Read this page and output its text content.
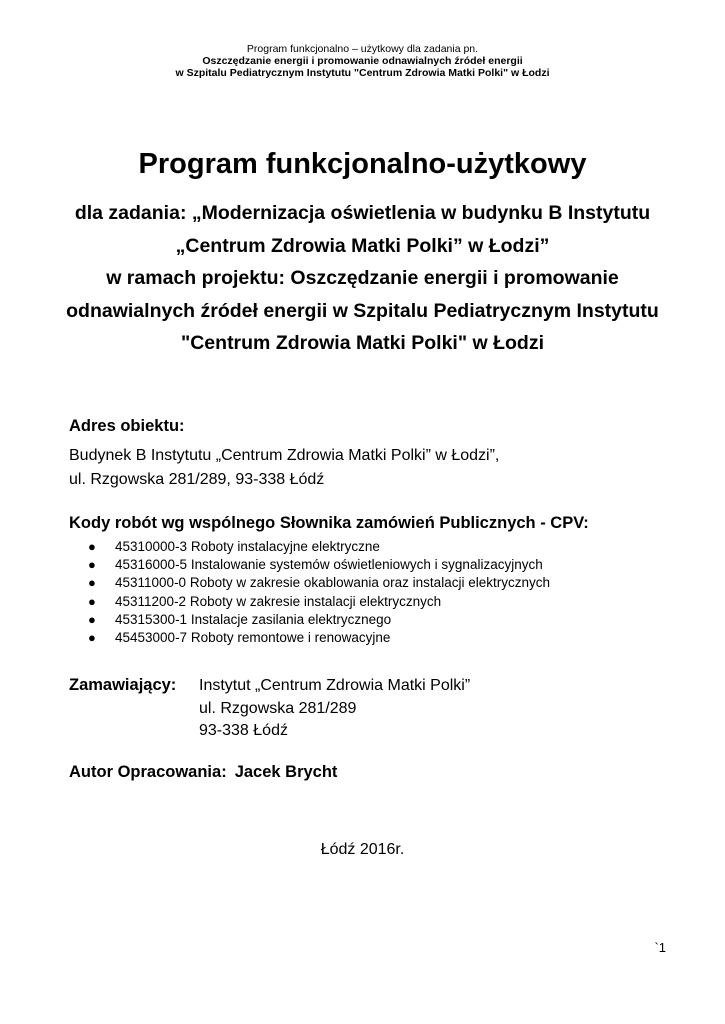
Program funkcjonalno – użytkowy dla zadania pn.
Oszczędzanie energii i promowanie odnawialnych źródeł energii
w Szpitalu Pediatrycznym Instytutu "Centrum Zdrowia Matki Polki" w Łodzi
Program funkcjonalno-użytkowy
dla zadania: „Modernizacja oświetlenia w budynku B Instytutu
„Centrum Zdrowia Matki Polki” w Łodzi”
w ramach projektu: Oszczędzanie energii i promowanie
odnawialnych źródeł energii w Szpitalu Pediatrycznym Instytutu
"Centrum Zdrowia Matki Polki" w Łodzi
Adres obiektu:
Budynek B Instytutu „Centrum Zdrowia Matki Polki” w Łodzi”,
ul. Rzgowska 281/289, 93-338 Łódź
Kody robót wg wspólnego Słownika zamówień Publicznych - CPV:
● 45310000-3 Roboty instalacyjne elektryczne
● 45316000-5 Instalowanie systemów oświetleniowych i sygnalizacyjnych
● 45311000-0 Roboty w zakresie okablowania oraz instalacji elektrycznych
● 45311200-2 Roboty w zakresie instalacji elektrycznych
● 45315300-1 Instalacje zasilania elektrycznego
● 45453000-7 Roboty remontowe i renowacyjne
Zamawiający: Instytut „Centrum Zdrowia Matki Polki”
ul. Rzgowska 281/289
93-338 Łódź
Autor Opracowania: Jacek Brycht
Łódź 2016r.
`1
